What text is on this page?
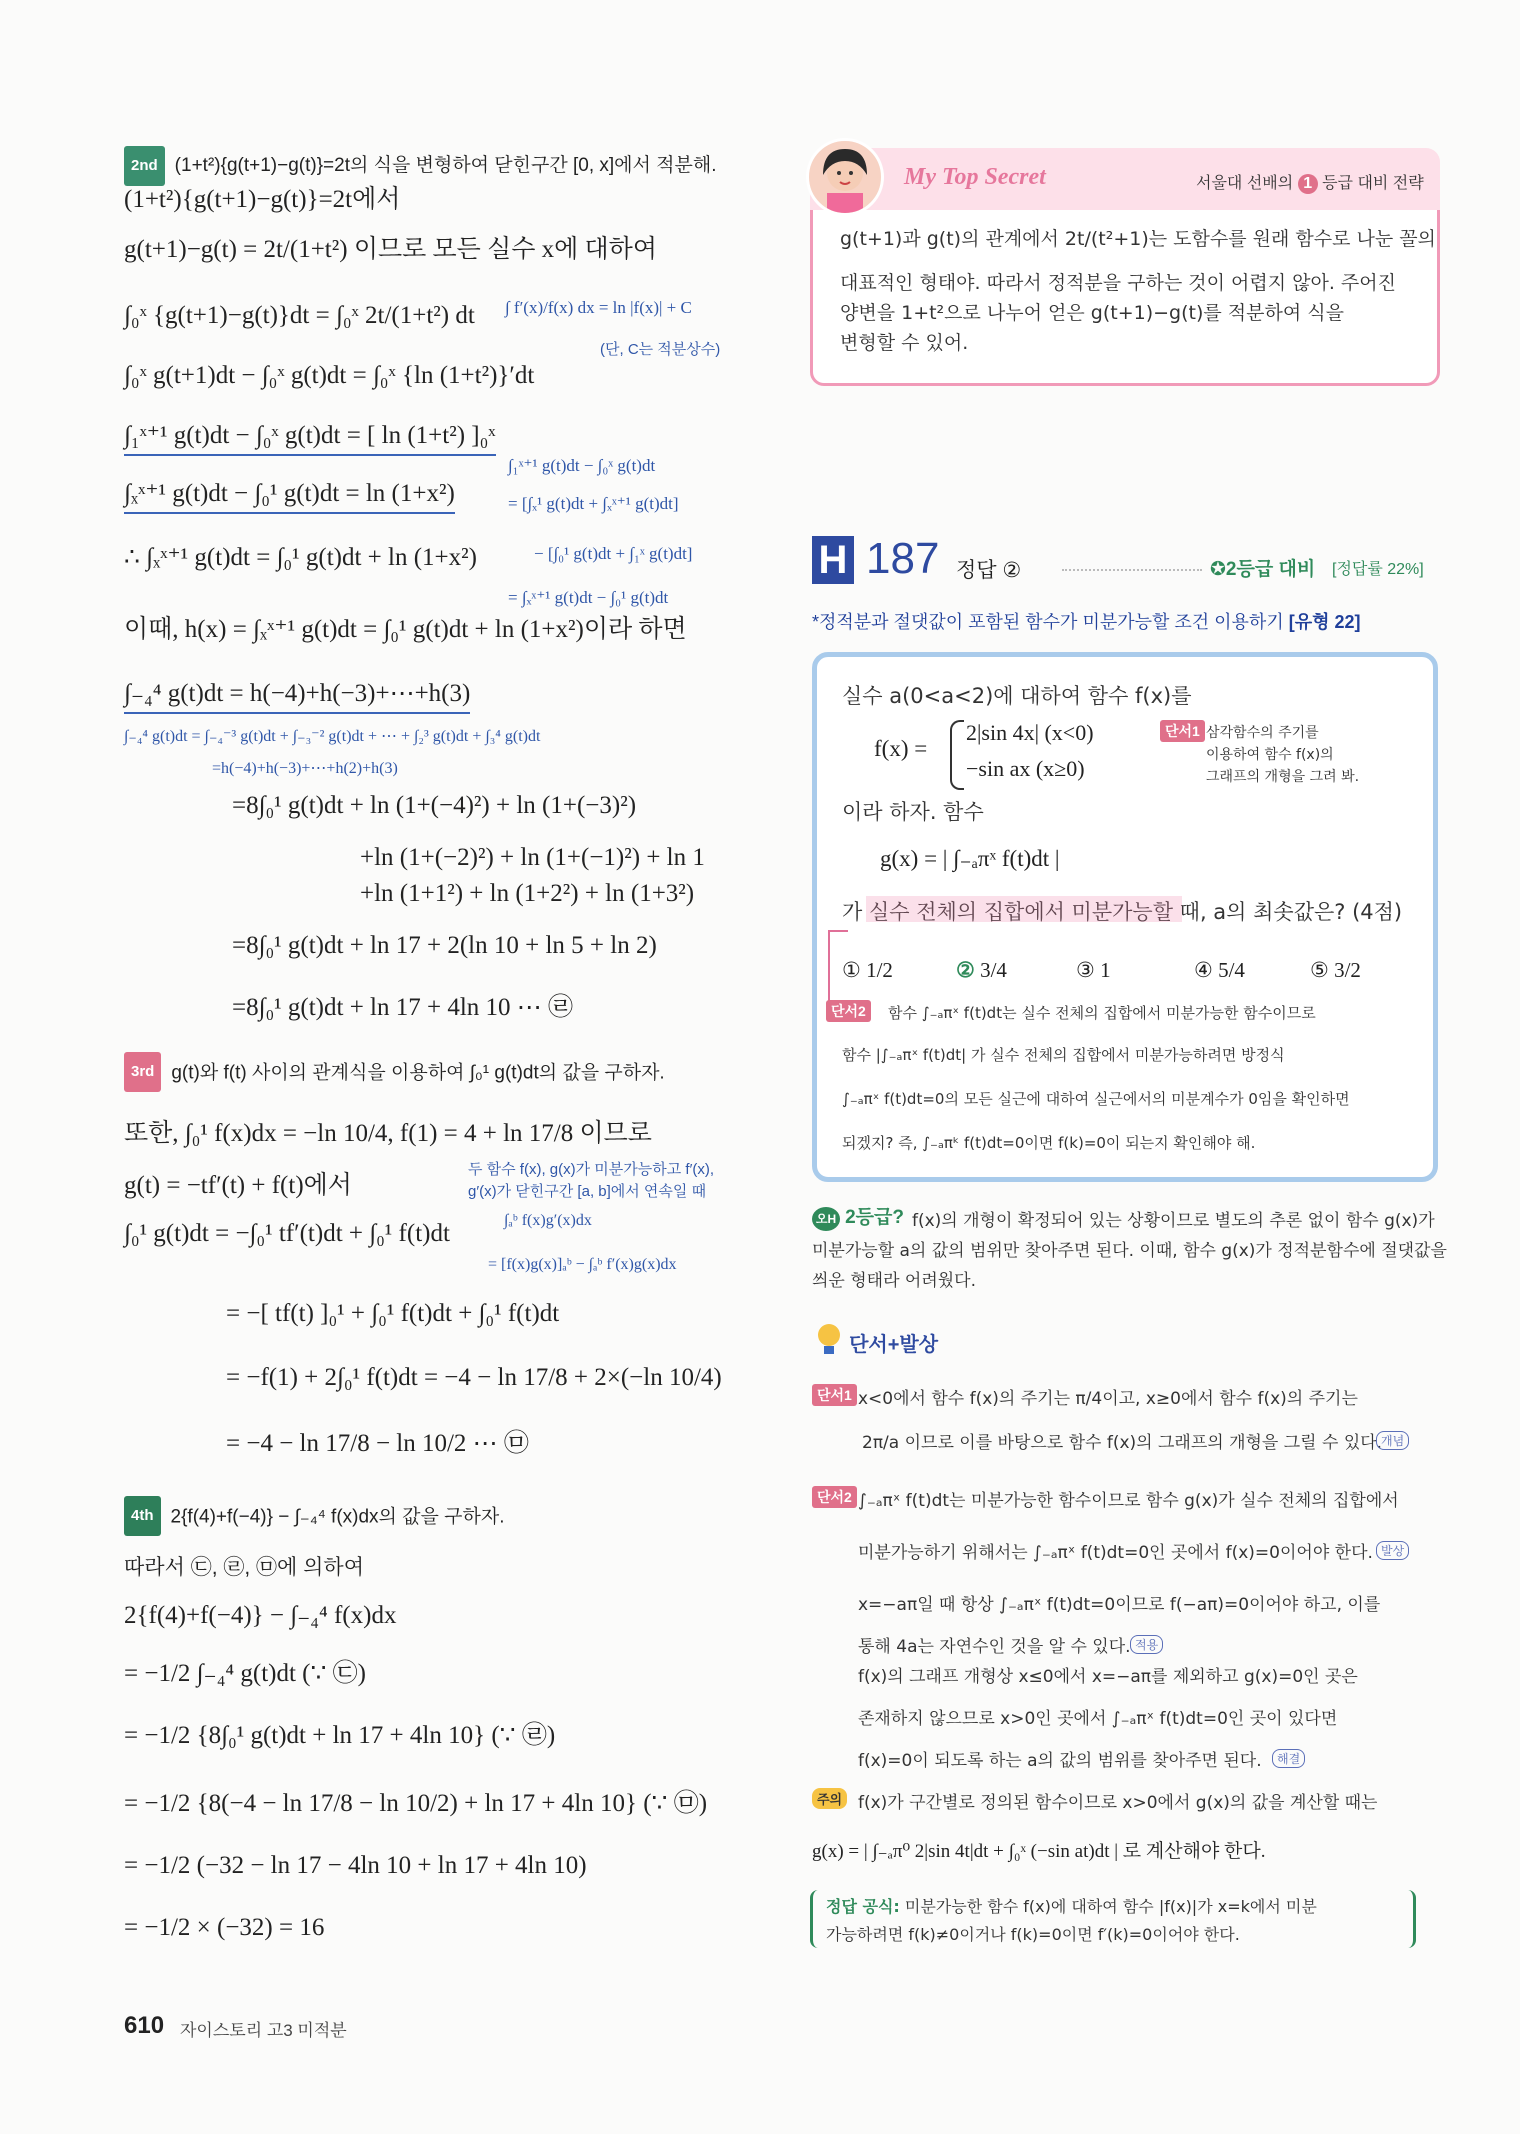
2nd (1+t²){g(t+1)−g(t)}=2t의 식을 변형하여 닫힌구간 [0, x]에서 적분해.
(1+t²){g(t+1)−g(t)}=2t에서
g(t+1)−g(t) = 2t/(1+t²) 이므로 모든 실수 x에 대하여
∫₀ˣ {g(t+1)−g(t)}dt = ∫₀ˣ 2t/(1+t²) dt ∫ f′(x)/f(x) dx = ln |f(x)| + C
(단, C는 적분상수)
∫₀ˣ g(t+1)dt − ∫₀ˣ g(t)dt = ∫₀ˣ {ln (1+t²)}′dt
∫₁ˣ⁺¹ g(t)dt − ∫₀ˣ g(t)dt = [ ln (1+t²) ]₀ˣ
∫₁ˣ⁺¹ g(t)dt − ∫₀ˣ g(t)dt
∫ₓˣ⁺¹ g(t)dt − ∫₀¹ g(t)dt = ln (1+x²)	= [∫ₓ¹ g(t)dt + ∫ₓˣ⁺¹ g(t)dt]
∴ ∫ₓˣ⁺¹ g(t)dt = ∫₀¹ g(t)dt + ln (1+x²)	− [∫₀¹ g(t)dt + ∫₁ˣ g(t)dt]
= ∫ₓˣ⁺¹ g(t)dt − ∫₀¹ g(t)dt
이때, h(x) = ∫ₓˣ⁺¹ g(t)dt = ∫₀¹ g(t)dt + ln (1+x²)이라 하면
∫₋₄⁴ g(t)dt = h(−4)+h(−3)+⋯+h(3)
∫₋₄⁴ g(t)dt = ∫₋₄⁻³ g(t)dt + ∫₋₃⁻² g(t)dt + ⋯ + ∫₂³ g(t)dt + ∫₃⁴ g(t)dt
=h(−4)+h(−3)+⋯+h(2)+h(3)
=8∫₀¹ g(t)dt + ln (1+(−4)²) + ln (1+(−3)²)
+ln (1+(−2)²) + ln (1+(−1)²) + ln 1
+ln (1+1²) + ln (1+2²) + ln (1+3²)
=8∫₀¹ g(t)dt + ln 17 + 2(ln 10 + ln 5 + ln 2)
=8∫₀¹ g(t)dt + ln 17 + 4ln 10 ⋯ ㉣
3rd g(t)와 f(t) 사이의 관계식을 이용하여 ∫₀¹ g(t)dt의 값을 구하자.
또한, ∫₀¹ f(x)dx = −ln 10/4, f(1) = 4 + ln 17/8 이므로
g(t) = −tf′(t) + f(t)에서
두 함수 f(x), g(x)가 미분가능하고 f′(x),
g′(x)가 닫힌구간 [a, b]에서 연속일 때
∫₀¹ g(t)dt = −∫₀¹ tf′(t)dt + ∫₀¹ f(t)dt	∫ₐᵇ f(x)g′(x)dx
= [f(x)g(x)]ₐᵇ − ∫ₐᵇ f′(x)g(x)dx
= −[ tf(t) ]₀¹ + ∫₀¹ f(t)dt + ∫₀¹ f(t)dt
= −f(1) + 2∫₀¹ f(t)dt = −4 − ln 17/8 + 2×(−ln 10/4)
= −4 − ln 17/8 − ln 10/2 ⋯ ㉤
4th 2{f(4)+f(−4)} − ∫₋₄⁴ f(x)dx의 값을 구하자.
따라서 ㉢, ㉣, ㉤에 의하여
2{f(4)+f(−4)} − ∫₋₄⁴ f(x)dx
= −1/2 ∫₋₄⁴ g(t)dt (∵ ㉢)
= −1/2 {8∫₀¹ g(t)dt + ln 17 + 4ln 10} (∵ ㉣)
= −1/2 {8(−4 − ln 17/8 − ln 10/2) + ln 17 + 4ln 10} (∵ ㉤)
= −1/2 (−32 − ln 17 − 4ln 10 + ln 17 + 4ln 10)
= −1/2 × (−32) = 16
610 자이스토리 고3 미적분
My Top Secret	서울대 선배의 1 등급 대비 전략
g(t+1)과 g(t)의 관계에서 2t/(t²+1)는 도함수를 원래 함수로 나눈 꼴의
대표적인 형태야. 따라서 정적분을 구하는 것이 어렵지 않아. 주어진
양변을 1+t²으로 나누어 얻은 g(t+1)−g(t)를 적분하여 식을
변형할 수 있어.
H 187 정답 ②	✪2등급 대비 [정답률 22%]
*정적분과 절댓값이 포함된 함수가 미분가능할 조건 이용하기 [유형 22]
실수 a(0<a<2)에 대하여 함수 f(x)를
f(x) =
2|sin 4x| (x<0)
−sin ax (x≥0)
단서1 삼각함수의 주기를
이용하여 함수 f(x)의
그래프의 개형을 그려 봐.
이라 하자. 함수
g(x) = | ∫₋ₐπˣ f(t)dt |
가 실수 전체의 집합에서 미분가능할 때, a의 최솟값은? (4점)
① 1/2	② 3/4	③ 1	④ 5/4	⑤ 3/2
단서2	함수 ∫₋ₐπˣ f(t)dt는 실수 전체의 집합에서 미분가능한 함수이므로
함수 |∫₋ₐπˣ f(t)dt| 가 실수 전체의 집합에서 미분가능하려면 방정식
∫₋ₐπˣ f(t)dt=0의 모든 실근에 대하여 실근에서의 미분계수가 0임을 확인하면
되겠지? 즉, ∫₋ₐπᵏ f(t)dt=0이면 f(k)=0이 되는지 확인해야 해.
오H 2등급? f(x)의 개형이 확정되어 있는 상황이므로 별도의 추론 없이 함수 g(x)가
미분가능할 a의 값의 범위만 찾아주면 된다. 이때, 함수 g(x)가 정적분함수에 절댓값을
씌운 형태라 어려웠다.
단서+발상
단서1 x<0에서 함수 f(x)의 주기는 π/4이고, x≥0에서 함수 f(x)의 주기는
2π/a 이므로 이를 바탕으로 함수 f(x)의 그래프의 개형을 그릴 수 있다.
개념
단서2 ∫₋ₐπˣ f(t)dt는 미분가능한 함수이므로 함수 g(x)가 실수 전체의 집합에서
미분가능하기 위해서는 ∫₋ₐπˣ f(t)dt=0인 곳에서 f(x)=0이어야 한다. 발상
x=−aπ일 때 항상 ∫₋ₐπˣ f(t)dt=0이므로 f(−aπ)=0이어야 하고, 이를
통해 4a는 자연수인 것을 알 수 있다. 적용
f(x)의 그래프 개형상 x≤0에서 x=−aπ를 제외하고 g(x)=0인 곳은
존재하지 않으므로 x>0인 곳에서 ∫₋ₐπˣ f(t)dt=0인 곳이 있다면
f(x)=0이 되도록 하는 a의 값의 범위를 찾아주면 된다.	해결
주의 f(x)가 구간별로 정의된 함수이므로 x>0에서 g(x)의 값을 계산할 때는
g(x) = | ∫₋ₐπ⁰ 2|sin 4t|dt + ∫₀ˣ (−sin at)dt | 로 계산해야 한다.
정답 공식: 미분가능한 함수 f(x)에 대하여 함수 |f(x)|가 x=k에서 미분
가능하려면 f(k)≠0이거나 f(k)=0이면 f′(k)=0이어야 한다.
